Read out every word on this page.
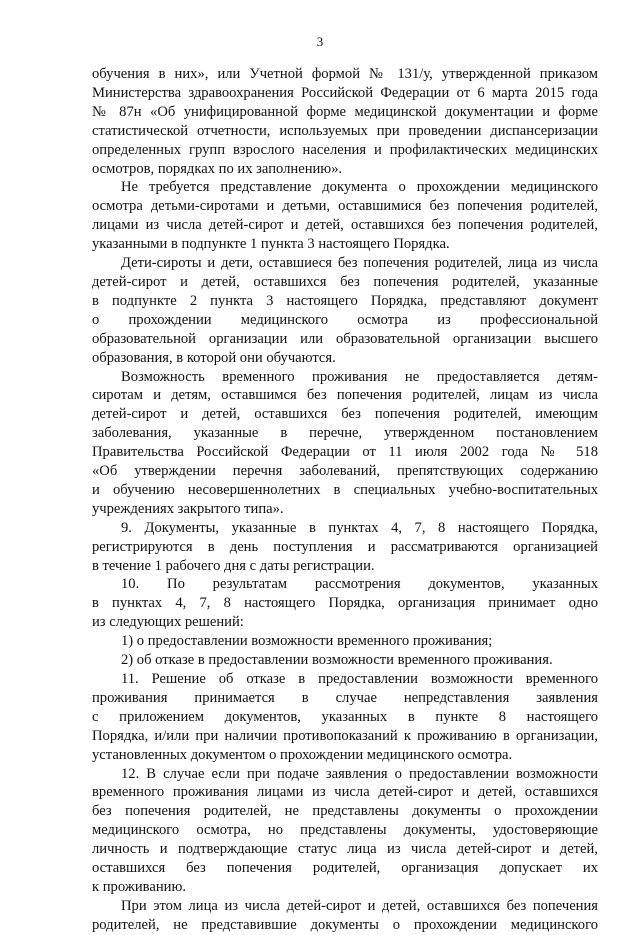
3
обучения в них», или Учетной формой № 131/у, утвержденной приказом
Министерства здравоохранения Российской Федерации от 6 марта 2015 года
№ 87н «Об унифицированной форме медицинской документации и форме
статистической отчетности, используемых при проведении диспансеризации
определенных групп взрослого населения и профилактических медицинских
осмотров, порядках по их заполнению».
Не требуется представление документа о прохождении медицинского
осмотра детьми-сиротами и детьми, оставшимися без попечения родителей,
лицами из числа детей-сирот и детей, оставшихся без попечения родителей,
указанными в подпункте 1 пункта 3 настоящего Порядка.
Дети-сироты и дети, оставшиеся без попечения родителей, лица из числа
детей-сирот и детей, оставшихся без попечения родителей, указанные
в подпункте 2 пункта 3 настоящего Порядка, представляют документ
о прохождении медицинского осмотра из профессиональной
образовательной организации или образовательной организации высшего
образования, в которой они обучаются.
Возможность временного проживания не предоставляется детям-
сиротам и детям, оставшимся без попечения родителей, лицам из числа
детей-сирот и детей, оставшихся без попечения родителей, имеющим
заболевания, указанные в перечне, утвержденном постановлением
Правительства Российской Федерации от 11 июля 2002 года № 518
«Об утверждении перечня заболеваний, препятствующих содержанию
и обучению несовершеннолетних в специальных учебно-воспитательных
учреждениях закрытого типа».
9. Документы, указанные в пунктах 4, 7, 8 настоящего Порядка,
регистрируются в день поступления и рассматриваются организацией
в течение 1 рабочего дня с даты регистрации.
10. По результатам рассмотрения документов, указанных
в пунктах 4, 7, 8 настоящего Порядка, организация принимает одно
из следующих решений:
1) о предоставлении возможности временного проживания;
2) об отказе в предоставлении возможности временного проживания.
11. Решение об отказе в предоставлении возможности временного
проживания принимается в случае непредставления заявления
с приложением документов, указанных в пункте 8 настоящего
Порядка, и/или при наличии противопоказаний к проживанию в организации,
установленных документом о прохождении медицинского осмотра.
12. В случае если при подаче заявления о предоставлении возможности
временного проживания лицами из числа детей-сирот и детей, оставшихся
без попечения родителей, не представлены документы о прохождении
медицинского осмотра, но представлены документы, удостоверяющие
личность и подтверждающие статус лица из числа детей-сирот и детей,
оставшихся без попечения родителей, организация допускает их
к проживанию.
При этом лица из числа детей-сирот и детей, оставшихся без попечения
родителей, не представившие документы о прохождении медицинского
